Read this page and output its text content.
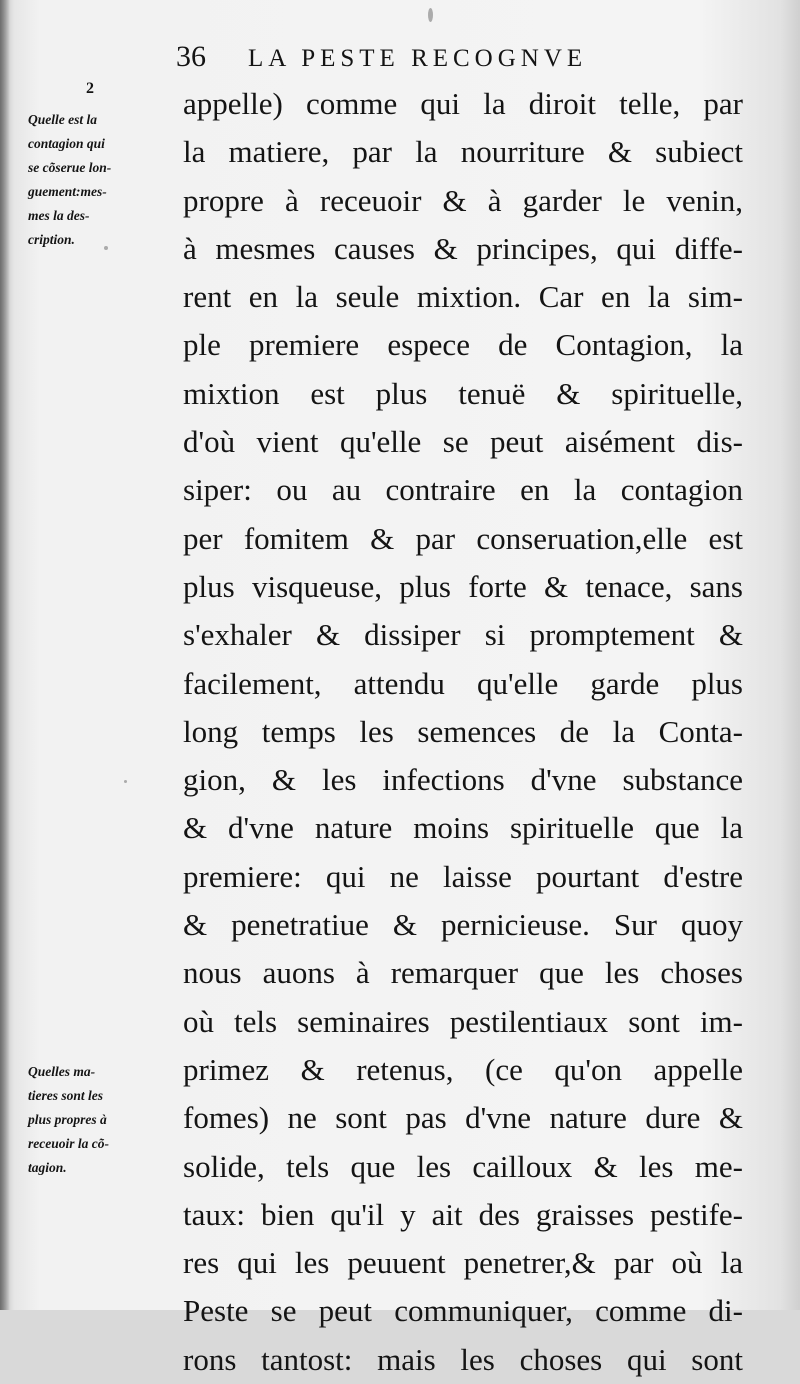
36	LA PESTE RECOGNVE
2
Quelle est la
contagion qui
se cõserue lon-
guement:mes-
mes la des-
cription.
Quelles ma-
tieres sont les
plus propres à
receuoir la cõ-
tagion.
appelle) comme qui la diroit telle, par
la matiere, par la nourriture & subiect
propre à receuoir & à garder le venin,
à mesmes causes & principes, qui diffe-
rent en la seule mixtion. Car en la sim-
ple premiere espece de Contagion, la
mixtion est plus tenuë & spirituelle,
d'où vient qu'elle se peut aisément dis-
siper: ou au contraire en la contagion
per fomitem & par conseruation,elle est
plus visqueuse, plus forte & tenace, sans
s'exhaler & dissiper si promptement &
facilement, attendu qu'elle garde plus
long temps les semences de la Conta-
gion, & les infections d'vne substance
& d'vne nature moins spirituelle que la
premiere: qui ne laisse pourtant d'estre
& penetratiue & pernicieuse. Sur quoy
nous auons à remarquer que les choses
où tels seminaires pestilentiaux sont im-
primez & retenus, (ce qu'on appelle
fomes) ne sont pas d'vne nature dure &
solide, tels que les cailloux & les me-
taux: bien qu'il y ait des graisses pestife-
res qui les peuuent penetrer,& par où la
Peste se peut communiquer, comme di-
rons tantost: mais les choses qui sont
